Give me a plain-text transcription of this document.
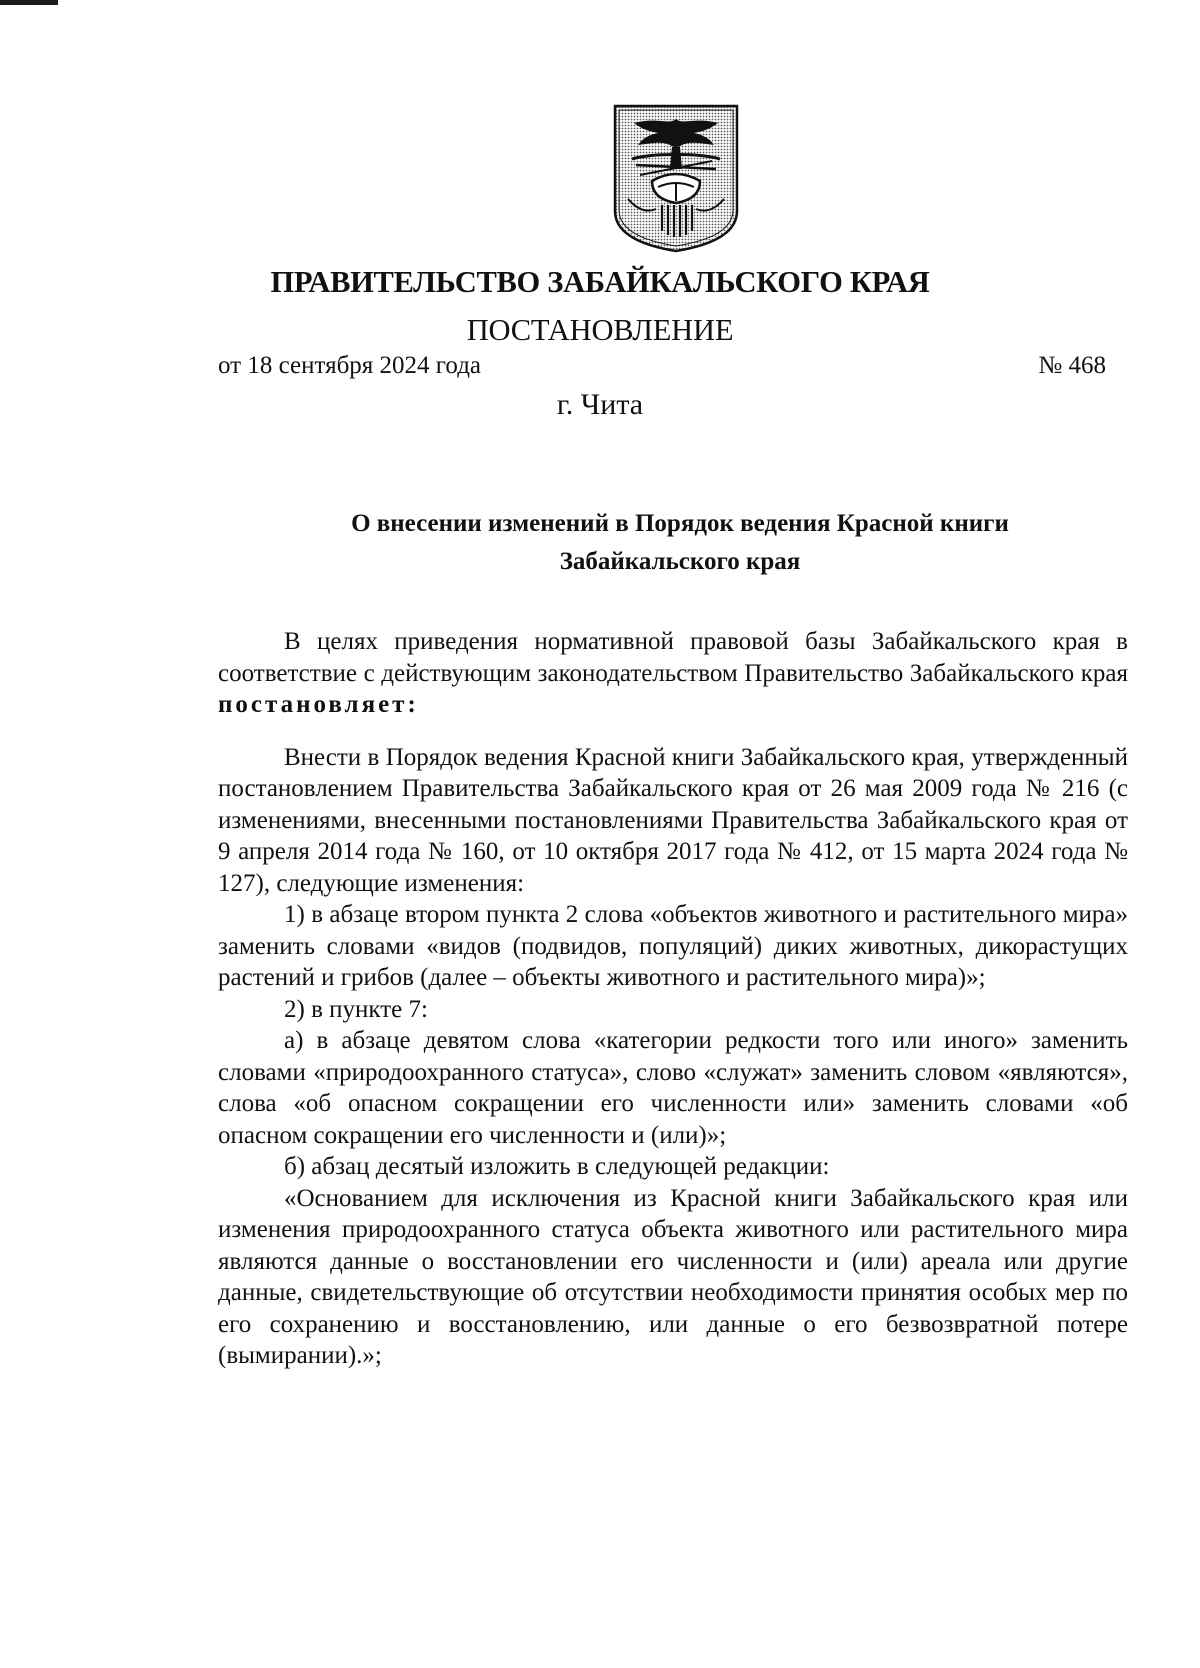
ПРАВИТЕЛЬСТВО ЗАБАЙКАЛЬСКОГО КРАЯ
ПОСТАНОВЛЕНИЕ
от 18 сентября 2024 года	№ 468
г. Чита
О внесении изменений в Порядок ведения Красной книги
Забайкальского края

В целях приведения нормативной правовой базы Забайкальского края в соответствие с действующим законодательством Правительство Забайкальского края постановляет:

Внести в Порядок ведения Красной книги Забайкальского края, утвержденный постановлением Правительства Забайкальского края от 26 мая 2009 года № 216 (с изменениями, внесенными постановлениями Правительства Забайкальского края от 9 апреля 2014 года № 160, от 10 октября 2017 года № 412, от 15 марта 2024 года № 127), следующие изменения:

1) в абзаце втором пункта 2 слова «объектов животного и растительного мира» заменить словами «видов (подвидов, популяций) диких животных, дикорастущих растений и грибов (далее – объекты животного и растительного мира)»;

2) в пункте 7:

а) в абзаце девятом слова «категории редкости того или иного» заменить словами «природоохранного статуса», слово «служат» заменить словом «являются», слова «об опасном сокращении его численности или» заменить словами «об опасном сокращении его численности и (или)»;

б) абзац десятый изложить в следующей редакции:

«Основанием для исключения из Красной книги Забайкальского края или изменения природоохранного статуса объекта животного или растительного мира являются данные о восстановлении его численности и (или) ареала или другие данные, свидетельствующие об отсутствии необходимости принятия особых мер по его сохранению и восстановлению, или данные о его безвозвратной потере (вымирании).»;
